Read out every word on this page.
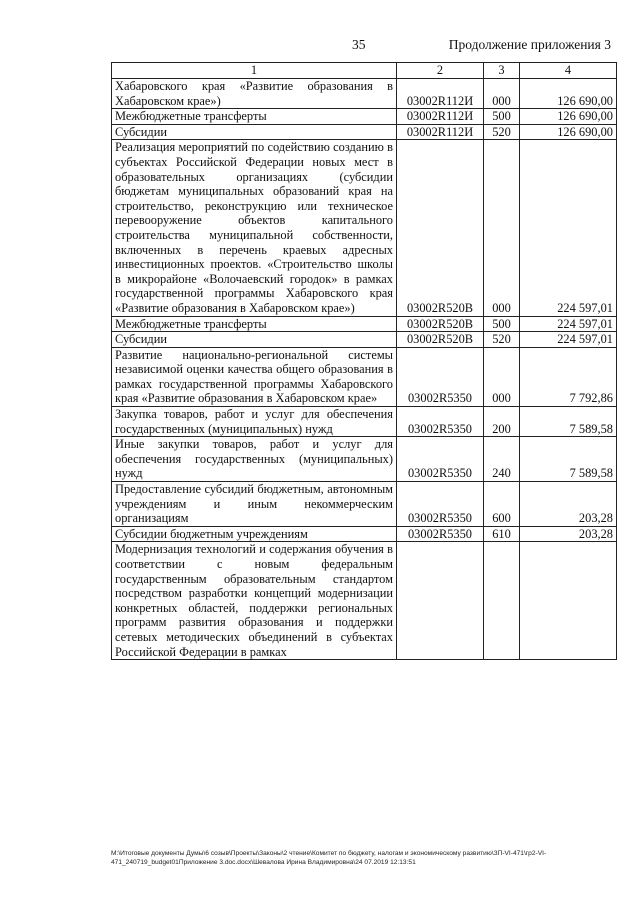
35	Продолжение приложения 3
1	2	3	4
Хабаровского края «Развитие образования в Хабаровском крае»)	03002R112И	000	126 690,00
Межбюджетные трансферты	03002R112И	500	126 690,00
Субсидии	03002R112И	520	126 690,00
Реализация мероприятий по содействию созданию в субъектах Российской Федерации новых мест в образовательных организациях (субсидии бюджетам муниципальных образований края на строительство, реконструкцию или техническое перевооружение объектов капитального строительства муниципальной собственности, включенных в перечень краевых адресных инвестиционных проектов. «Строительство школы в микрорайоне «Волочаевский городок» в рамках государственной программы Хабаровского края «Развитие образования в Хабаровском крае»)	03002R520В	000	224 597,01
Межбюджетные трансферты	03002R520В	500	224 597,01
Субсидии	03002R520В	520	224 597,01
Развитие национально-региональной системы независимой оценки качества общего образования в рамках государственной программы Хабаровского края «Развитие образования в Хабаровском крае»	03002R5350	000	7 792,86
Закупка товаров, работ и услуг для обеспечения государственных (муниципальных) нужд	03002R5350	200	7 589,58
Иные закупки товаров, работ и услуг для обеспечения государственных (муниципальных) нужд	03002R5350	240	7 589,58
Предоставление субсидий бюджетным, автономным учреждениям и иным некоммерческим организациям	03002R5350	600	203,28
Субсидии бюджетным учреждениям	03002R5350	610	203,28
Модернизация технологий и содержания обучения в соответствии с новым федеральным государственным образовательным стандартом посредством разработки концепций модернизации конкретных областей, поддержки региональных программ развития образования и поддержки сетевых методических объединений в субъектах Российской Федерации в рамках			
M:\Итоговые документы Думы\6 созыв\Проекты\Законы\2 чтение\Комитет по бюджету, налогам и экономическому развитию\ЗП-VI-471\гр2-VI-471_240719_budget01Приложение 3.doc.docx\Шевалова Ирина Владимировна\24 07.2019 12:13:51
